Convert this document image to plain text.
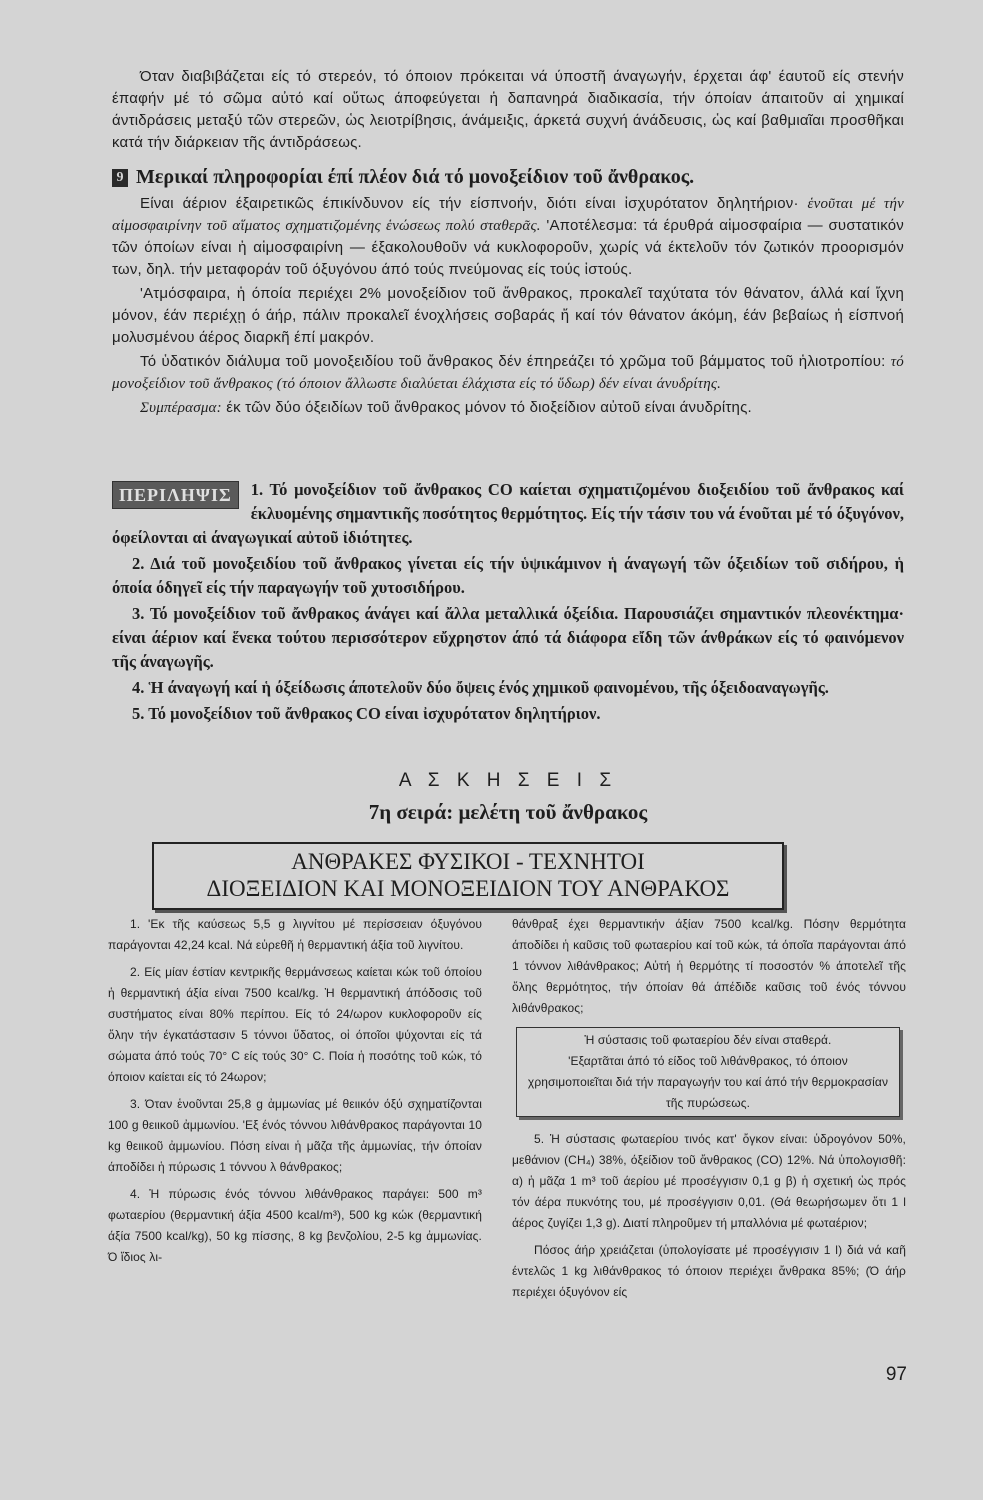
Όταν διαβιβάζεται είς τό στερεόν, τό όποιον πρόκειται νά ύποστῆ άναγωγήν, έρχεται άφ' έαυτοῦ είς στενήν έπαφήν μέ τό σῶμα αὐτό καί οὕτως άποφεύγεται ἡ δαπανηρά διαδικασία, τήν όποίαν άπαιτοῦν αἱ χημικαί άντιδράσεις μεταξύ τῶν στερεῶν, ὡς λειοτρίβησις, άνάμειξις, άρκετά συχνή άνάδευσις, ὡς καί βαθμιαῖαι προσθῆκαι κατά τήν διάρκειαν τῆς άντιδράσεως.

9 Μερικαί πληροφορίαι έπί πλέον διά τό μονοξείδιον τοῦ ἄνθρακος.

Είναι άέριον έξαιρετικῶς έπικίνδυνον είς τήν είσπνοήν, διότι είναι ἰσχυρότατον δηλητήριον· ἑνοῦται μέ τήν αἱμοσφαιρίνην τοῦ αἵματος σχηματιζομένης ἑνώσεως πολύ σταθερᾶς. 'Αποτέλεσμα: τά έρυθρά αἱμοσφαίρια — συστατικόν τῶν όποίων είναι ἡ αἱμοσφαιρίνη — έξακολουθοῦν νά κυκλοφοροῦν, χωρίς νά έκτελοῦν τόν ζωτικόν προορισμόν των, δηλ. τήν μεταφοράν τοῦ όξυγόνου άπό τούς πνεύμονας είς τούς ἱστούς.

'Ατμόσφαιρα, ἡ όποία περιέχει 2% μονοξείδιον τοῦ ἄνθρακος, προκαλεῖ ταχύτατα τόν θάνατον, άλλά καί ἴχνη μόνον, έάν περιέχῃ ό άήρ, πάλιν προκαλεῖ ένοχλήσεις σοβαράς ἤ καί τόν θάνατον άκόμη, έάν βεβαίως ἡ είσπνοή μολυσμένου άέρος διαρκῆ έπί μακρόν.

Τό ὑδατικόν διάλυμα τοῦ μονοξειδίου τοῦ ἄνθρακος δέν έπηρεάζει τό χρῶμα τοῦ βάμματος τοῦ ἡλιοτροπίου: τό μονοξείδιον τοῦ ἄνθρακος (τό όποιον ἄλλωστε διαλύεται έλάχιστα είς τό ὕδωρ) δέν είναι άνυδρίτης.

Συμπέρασμα: έκ τῶν δύο όξειδίων τοῦ ἄνθρακος μόνον τό διοξείδιον αὐτοῦ είναι άνυδρίτης.

ΠΕΡΙΛΗΨΙΣ	1. Τό μονοξείδιον τοῦ ἄνθρακος CO καίεται σχηματιζομένου διοξειδίου τοῦ ἄνθρακος καί έκλυομένης σημαντικῆς ποσότητος θερμότητος. Είς τήν τάσιν του νά ένοῦται μέ τό όξυγόνον, όφείλονται αἱ άναγωγικαί αὐτοῦ ἰδιότητες.

2. Διά τοῦ μονοξειδίου τοῦ ἄνθρακος γίνεται είς τήν ὑψικάμινον ἡ άναγωγή τῶν όξειδίων τοῦ σιδήρου, ἡ όποία όδηγεῖ είς τήν παραγωγήν τοῦ χυτοσιδήρου.

3. Τό μονοξείδιον τοῦ ἄνθρακος άνάγει καί ἄλλα μεταλλικά όξείδια. Παρουσιάζει σημαντικόν πλεονέκτημα· είναι άέριον καί ἕνεκα τούτου περισσότερον εὔχρηστον άπό τά διάφορα εἴδη τῶν άνθράκων είς τό φαινόμενον τῆς άναγωγῆς.

4. Ἡ άναγωγή καί ἡ όξείδωσις άποτελοῦν δύο ὄψεις ένός χημικοῦ φαινομένου, τῆς όξειδοαναγωγῆς.

5. Τό μονοξείδιον τοῦ ἄνθρακος CO είναι ἰσχυρότατον δηλητήριον.

Α Σ Κ Η Σ Ε Ι Σ
7η σειρά: μελέτη τοῦ ἄνθρακος
ΑΝΘΡΑΚΕΣ ΦΥΣΙΚΟΙ - ΤΕΧΝΗΤΟΙ
ΔΙΟΞΕΙΔΙΟΝ ΚΑΙ ΜΟΝΟΞΕΙΔΙΟΝ ΤΟΥ ΑΝΘΡΑΚΟΣ

1. 'Εκ τῆς καύσεως 5,5 g λιγνίτου μέ περίσσειαν όξυγόνου παράγονται 42,24 kcal. Νά εὑρεθῆ ἡ θερμαντική άξία τοῦ λιγνίτου.

2. Είς μίαν έστίαν κεντρικῆς θερμάνσεως καίεται κώκ τοῦ όποίου ἡ θερμαντική άξία είναι 7500 kcal/kg. Ἡ θερμαντική άπόδοσις τοῦ συστήματος είναι 80% περίπου. Είς τό 24/ωρον κυκλοφοροῦν είς ὅλην τήν έγκατάστασιν 5 τόννοι ὕδατος, οἱ όποῖοι ψύχονται είς τά σώματα άπό τούς 70° C είς τούς 30° C. Ποία ἡ ποσότης τοῦ κώκ, τό όποιον καίεται είς τό 24ωρον;

3. Όταν ἑνοῦνται 25,8 g ἀμμωνίας μέ θειικόν όξύ σχηματίζονται 100 g θειικοῦ ἀμμωνίου. 'Εξ ένός τόννου λιθάνθρακος παράγονται 10 kg θειικοῦ ἀμμωνίου. Πόση είναι ἡ μᾶζα τῆς ἀμμωνίας, τήν όποίαν άποδίδει ἡ πύρωσις 1 τόννου λ θάνθρακος;

4. Ἡ πύρωσις ένός τόννου λιθάνθρακος παράγει: 500 m³ φωταερίου (θερμαντική άξία 4500 kcal/m³), 500 kg κώκ (θερμαντική άξία 7500 kcal/kg), 50 kg πίσσης, 8 kg βενζολίου, 2-5 kg ἀμμωνίας. Ό ἴδιος λι-

θάνθραξ έχει θερμαντικήν άξίαν 7500 kcal/kg. Πόσην θερμότητα άποδίδει ἡ καῦσις τοῦ φωταερίου καί τοῦ κώκ, τά όποῖα παράγονται άπό 1 τόννον λιθάνθρακος; Αὐτή ἡ θερμότης τί ποσοστόν % άποτελεῖ τῆς ὅλης θερμότητος, τήν όποίαν θά άπέδιδε καῦσις τοῦ ένός τόννου λιθάνθρακος;

Ἡ σύστασις τοῦ φωταερίου δέν είναι σταθερά.

'Εξαρτᾶται άπό τό είδος τοῦ λιθάνθρακος, τό όποιον χρησιμοποιεῖται διά τήν παραγωγήν του καί άπό τήν θερμοκρασίαν τῆς πυρώσεως.

5. Ἡ σύστασις φωταερίου τινός κατ' ὄγκον είναι: ὑδρογόνον 50%, μεθάνιον (CH₄) 38%, όξείδιον τοῦ ἄνθρακος (CO) 12%. Νά ὑπολογισθῆ: α) ἡ μᾶζα 1 m³ τοῦ άερίου μέ προσέγγισιν 0,1 g β) ἡ σχετική ὡς πρός τόν άέρα πυκνότης του, μέ προσέγγισιν 0,01. (Θά θεωρήσωμεν ὅτι 1 l άέρος ζυγίζει 1,3 g). Διατί πληροῦμεν τή μπαλλόνια μέ φωταέριον;

Πόσος άήρ χρειάζεται (ὑπολογίσατε μέ προσέγγισιν 1 l) διά νά καῆ έντελῶς 1 kg λιθάνθρακος τό όποιον περιέχει ἄνθρακα 85%; (Ό άήρ περιέχει όξυγόνον είς

97
